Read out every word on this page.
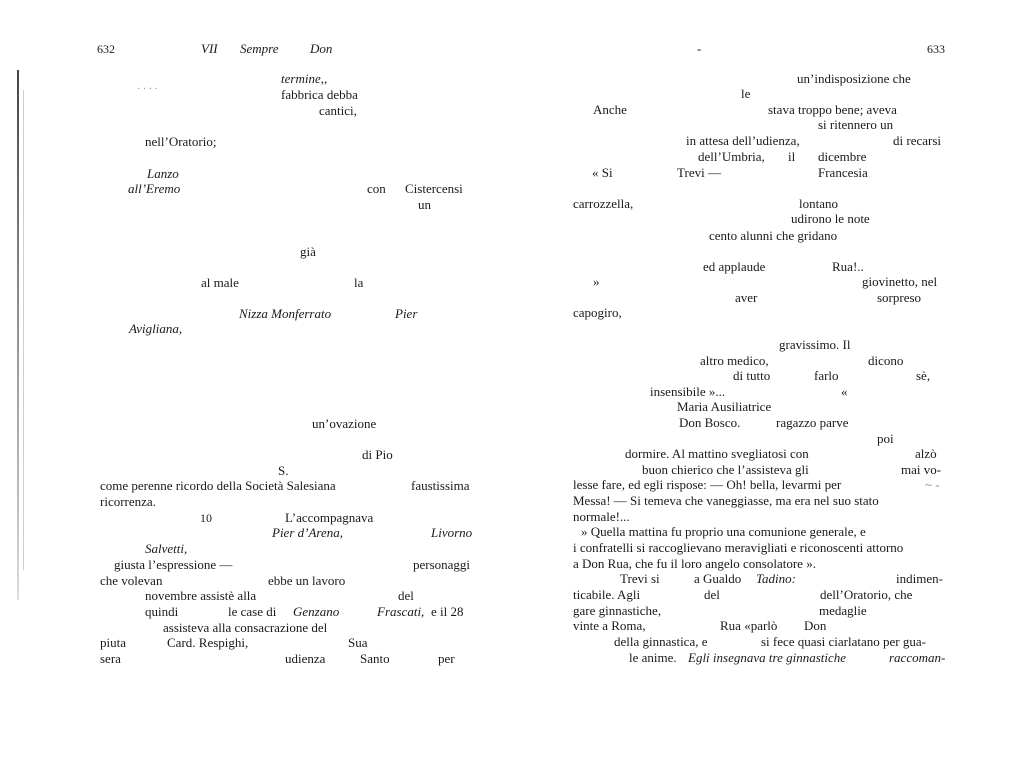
632	VII Sempre Don
· · · ·
termine,,
fabbrica debba
cantici,
nell’Oratorio;
Lanzo
all’Eremo	con Cistercensi
un
già
al male	la
Nizza Monferrato	Pier
Avigliana,
un’ovazione
di Pio
S.
come perenne ricordo della Società Salesiana	faustissima
ricorrenza.
10	L’accompagnava
Pier d’Arena,	Livorno
Salvetti,
giusta l’espressione —	personaggi
che volevan	ebbe un lavoro
novembre assistè alla	del
quindi	le case di Genzano	Frascati, e il 28
assisteva alla consacrazione del
piuta	Card. Respighi,	Sua
sera	udienza	Santo	per
-	633
un’indisposizione che
le
Anche	stava troppo bene; aveva
si ritennero un
in attesa dell’udienza,	di recarsi
dell’Umbria, il dicembre
« Si	Trevi —	Francesia
carrozzella,	lontano
udirono le note
cento alunni che gridano
ed applaude	Rua!..
»	giovinetto, nel
aver	sorpreso
capogiro,
gravissimo. Il
altro medico,	dicono
di tutto	farlo	sè,
insensibile »...	«
Maria Ausiliatrice
Don Bosco.	ragazzo parve
poi
dormire. Al mattino svegliatosi con	alzò
buon chierico che l’assisteva gli	mai vo-
lesse fare, ed egli rispose: — Oh! bella, levarmi per	~ -
Messa! — Si temeva che vaneggiasse, ma era nel suo stato
normale!...
» Quella mattina fu proprio una comunione generale, e
i confratelli si raccoglievano meravigliati e riconoscenti attorno
a Don Rua, che fu il loro angelo consolatore ».
Trevi si	a Gualdo Tadino:	indimen-
ticabile. Agli	del	dell’Oratorio, che
gare ginnastiche,	medaglie
vinte a Roma,	Rua «parlò Don
della ginnastica, e	si fece quasi ciarlatano per gua-
le anime. Egli insegnava tre ginnastiche	raccoman-
